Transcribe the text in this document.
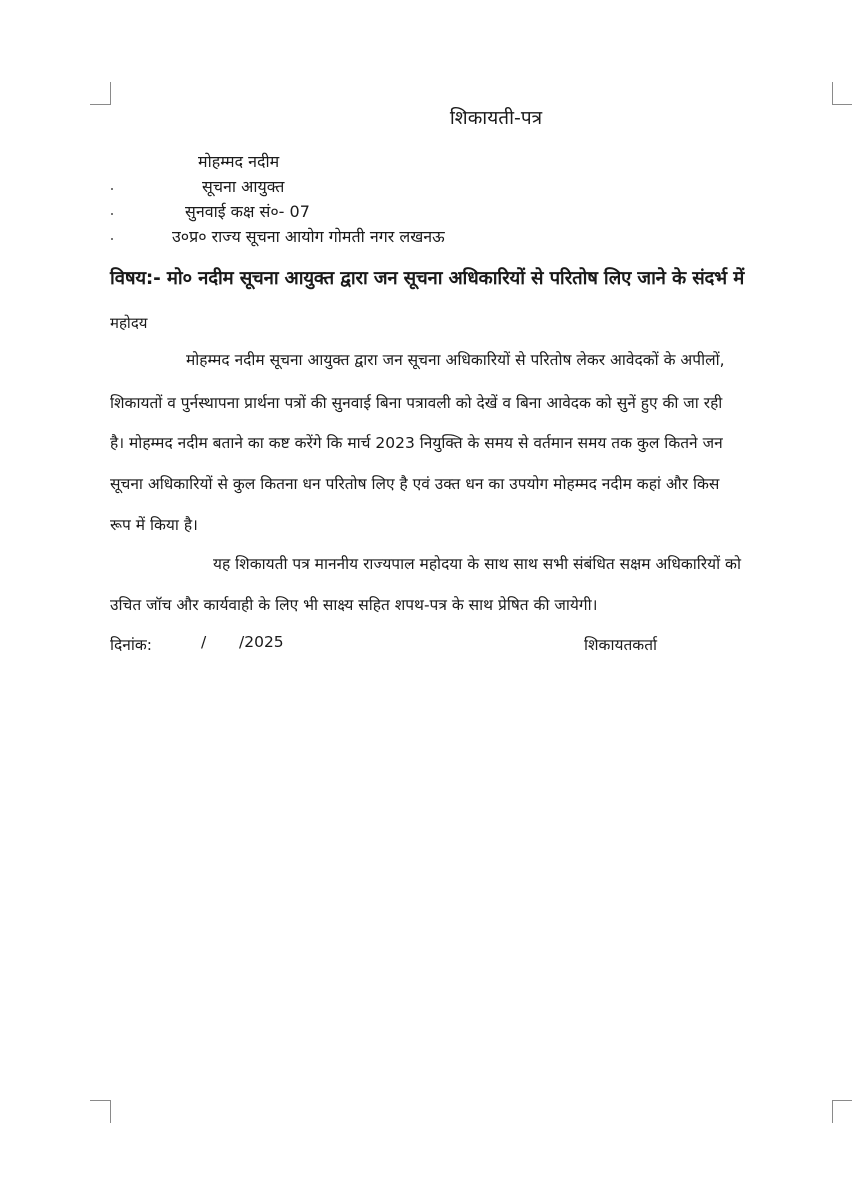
शिकायती-पत्र
मोहम्मद नदीम
सूचना आयुक्त
सुनवाई कक्ष सं०- 07
उ०प्र० राज्य सूचना आयोग गोमती नगर लखनऊ
विषय:- मो० नदीम सूचना आयुक्त द्वारा जन सूचना अधिकारियों से परितोष लिए जाने के संदर्भ में
महोदय
मोहम्मद नदीम सूचना आयुक्त द्वारा जन सूचना अधिकारियों से परितोष लेकर आवेदकों के अपीलों,
शिकायतों व पुर्नस्थापना प्रार्थना पत्रों की सुनवाई बिना पत्रावली को देखें व बिना आवेदक को सुनें हुए की जा रही
है। मोहम्मद नदीम बताने का कष्ट करेंगे कि मार्च 2023 नियुक्ति के समय से वर्तमान समय तक कुल कितने जन
सूचना अधिकारियों से कुल कितना धन परितोष लिए है एवं उक्त धन का उपयोग मोहम्मद नदीम कहां और किस
रूप में किया है।
यह शिकायती पत्र माननीय राज्यपाल महोदया के साथ साथ सभी संबंधित सक्षम अधिकारियों को
उचित जॉच और कार्यवाही के लिए भी साक्ष्य सहित शपथ-पत्र के साथ प्रेषित की जायेगी।
दिनांक:	/ /2025	शिकायतकर्ता
